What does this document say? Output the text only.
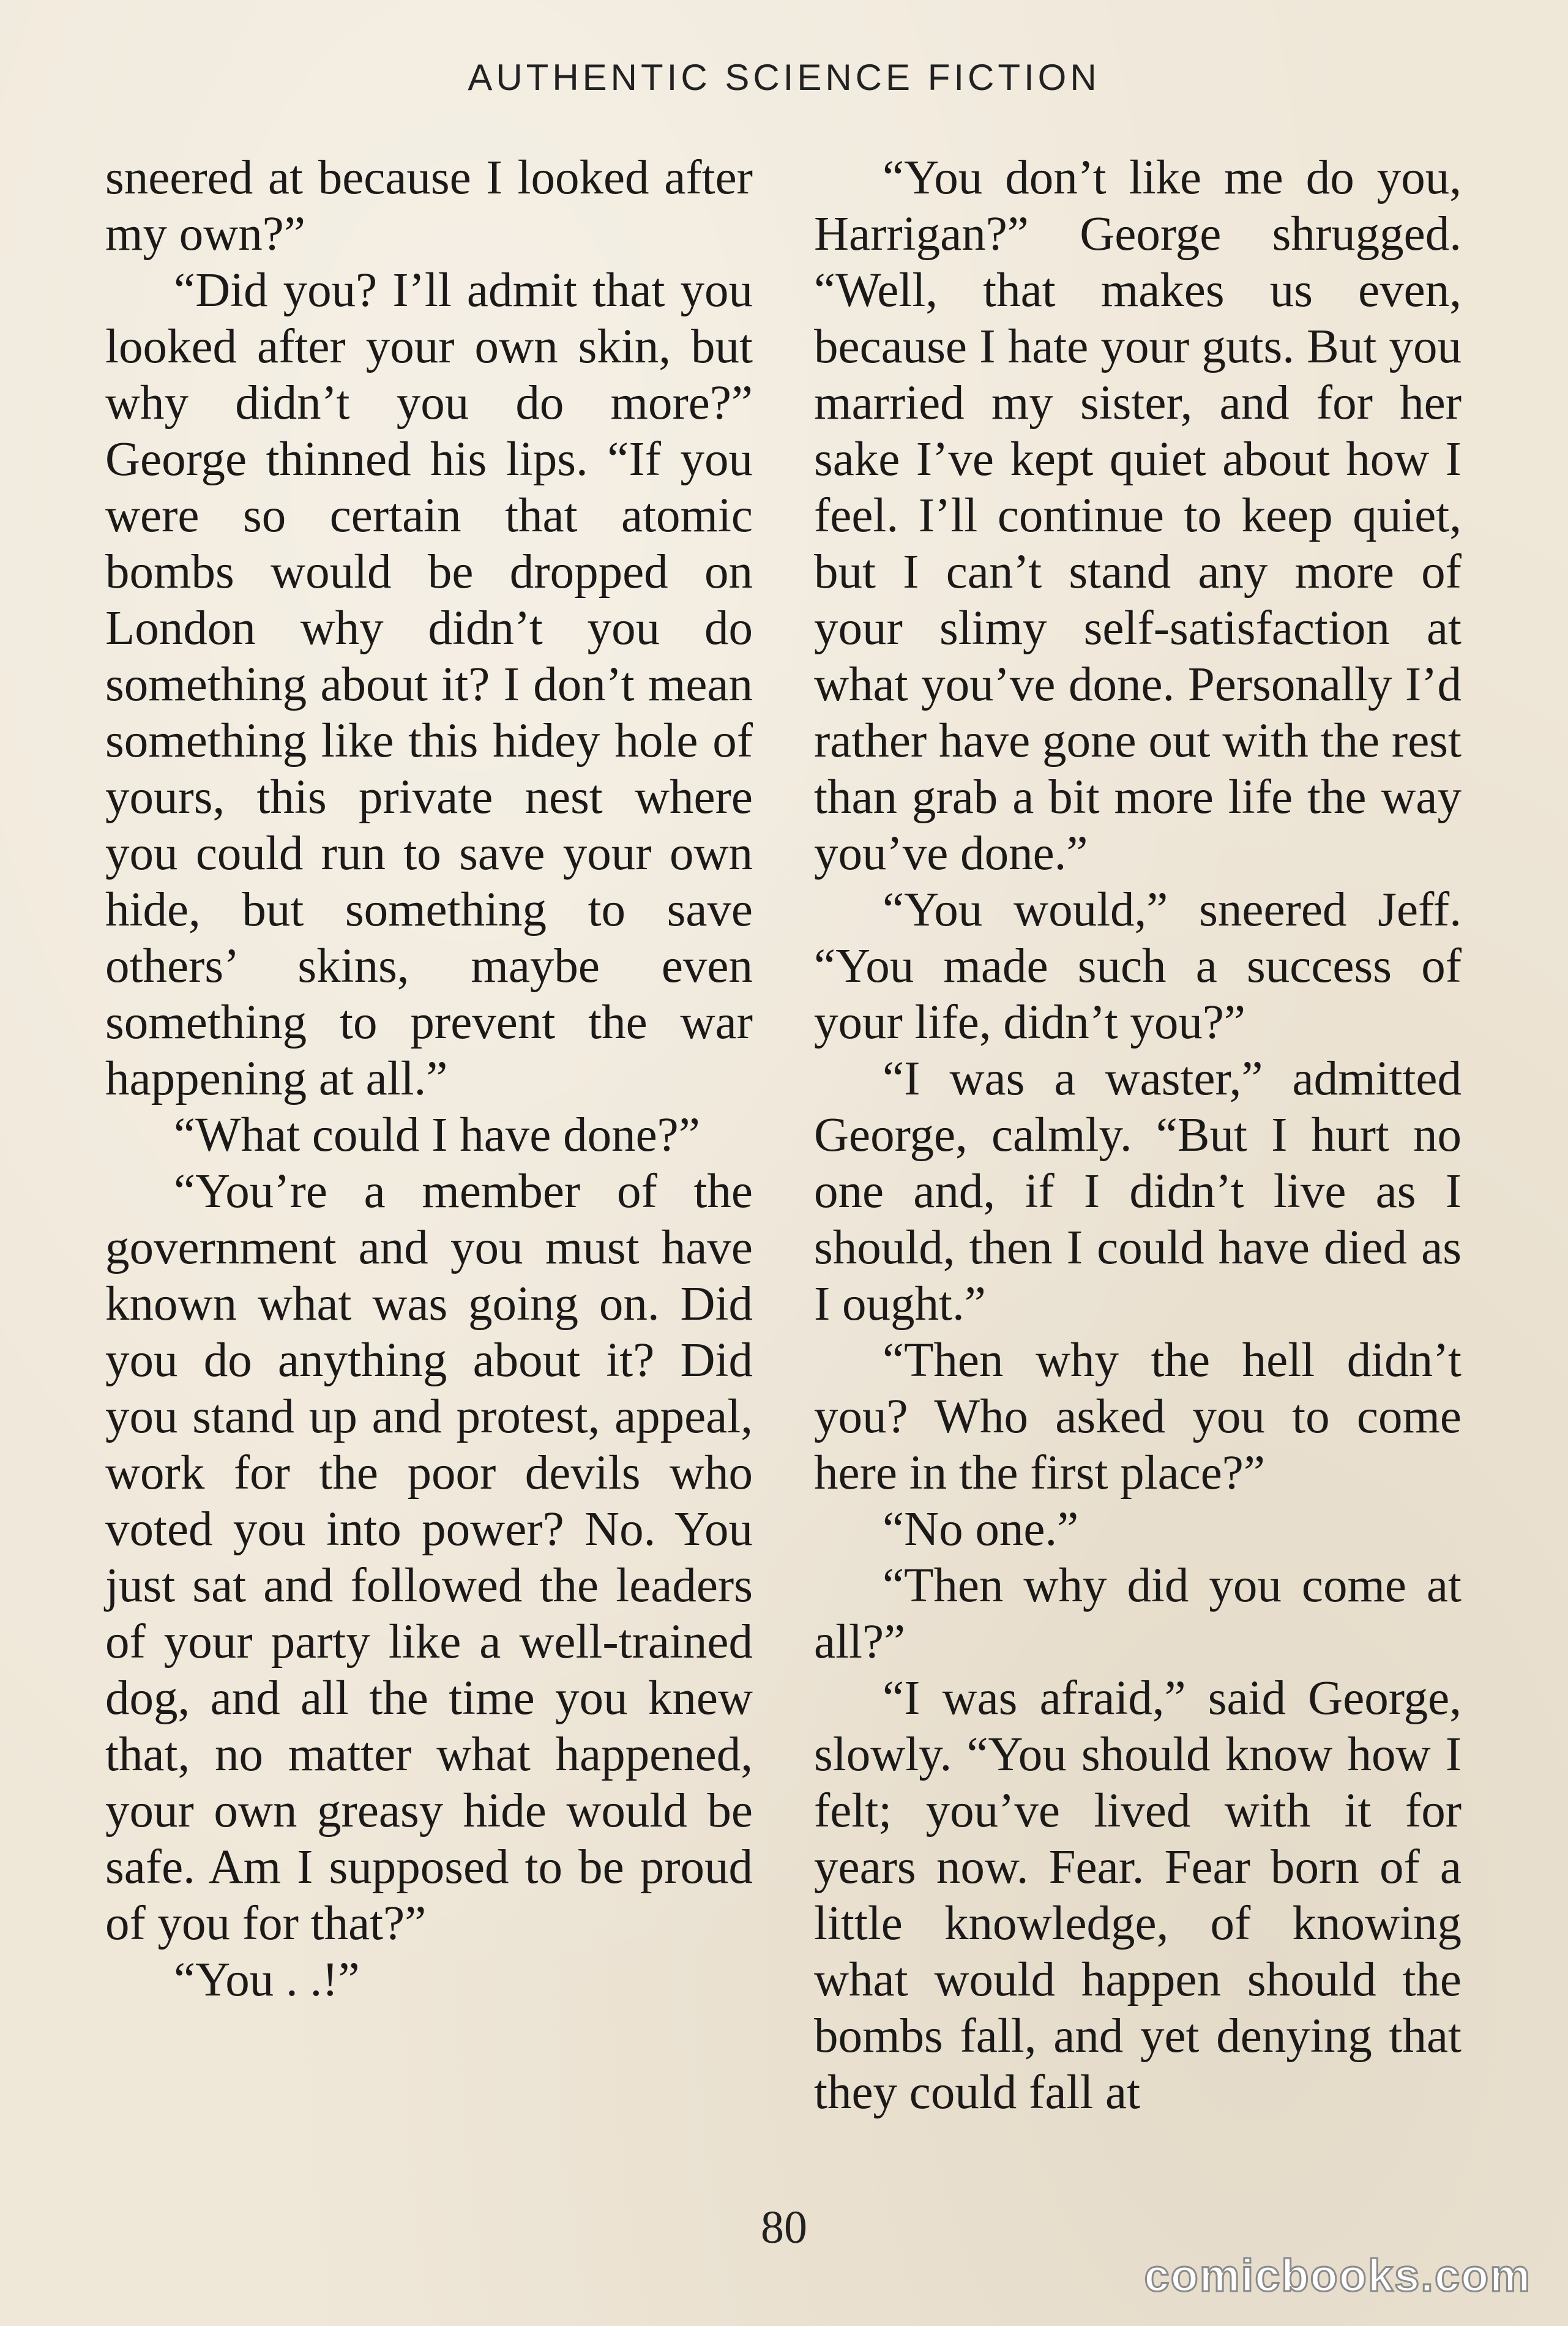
AUTHENTIC SCIENCE FICTION

sneered at because I looked after my own?”

“Did you? I’ll admit that you looked after your own skin, but why didn’t you do more?” George thinned his lips. “If you were so certain that atomic bombs would be dropped on London why didn’t you do something about it? I don’t mean something like this hidey hole of yours, this private nest where you could run to save your own hide, but something to save others’ skins, maybe even something to prevent the war happening at all.”

“What could I have done?”

“You’re a member of the government and you must have known what was going on. Did you do anything about it? Did you stand up and protest, appeal, work for the poor devils who voted you into power? No. You just sat and followed the leaders of your party like a well-trained dog, and all the time you knew that, no matter what happened, your own greasy hide would be safe. Am I supposed to be proud of you for that?”

“You . .!”

“You don’t like me do you, Harrigan?” George shrugged. “Well, that makes us even, because I hate your guts. But you married my sister, and for her sake I’ve kept quiet about how I feel. I’ll continue to keep quiet, but I can’t stand any more of your slimy self-satisfaction at what you’ve done. Personally I’d rather have gone out with the rest than grab a bit more life the way you’ve done.”

“You would,” sneered Jeff. “You made such a success of your life, didn’t you?”

“I was a waster,” admitted George, calmly. “But I hurt no one and, if I didn’t live as I should, then I could have died as I ought.”

“Then why the hell didn’t you? Who asked you to come here in the first place?”

“No one.”

“Then why did you come at all?”

“I was afraid,” said George, slowly. “You should know how I felt; you’ve lived with it for years now. Fear. Fear born of a little knowledge, of knowing what would happen should the bombs fall, and yet denying that they could fall at

80
comicbooks.com
